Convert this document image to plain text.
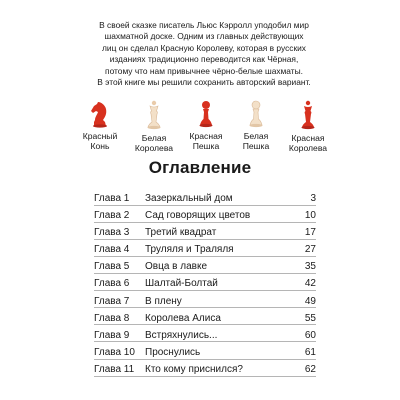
В своей сказке писатель Льюс Кэрролл уподобил мир
шахматной доске. Одним из главных действующих
лиц он сделал Красную Королеву, которая в русских
изданиях традиционно переводится как Чёрная,
потому что нам привычнее чёрно-белые шахматы.
В этой книге мы решили сохранить авторский вариант.
Красный
Конь
Белая
Королева
Красная
Пешка
Белая
Пешка
Красная
Королева
Оглавление
Глава 1 Зазеркальный дом	3
Глава 2 Сад говорящих цветов	10
Глава 3 Третий квадрат	17
Глава 4 Труляля и Траляля	27
Глава 5 Овца в лавке	35
Глава 6 Шалтай-Болтай	42
Глава 7 В плену	49
Глава 8 Королева Алиса	55
Глава 9 Встряхнулись...	60
Глава 10 Проснулись	61
Глава 11 Кто кому приснился?	62
